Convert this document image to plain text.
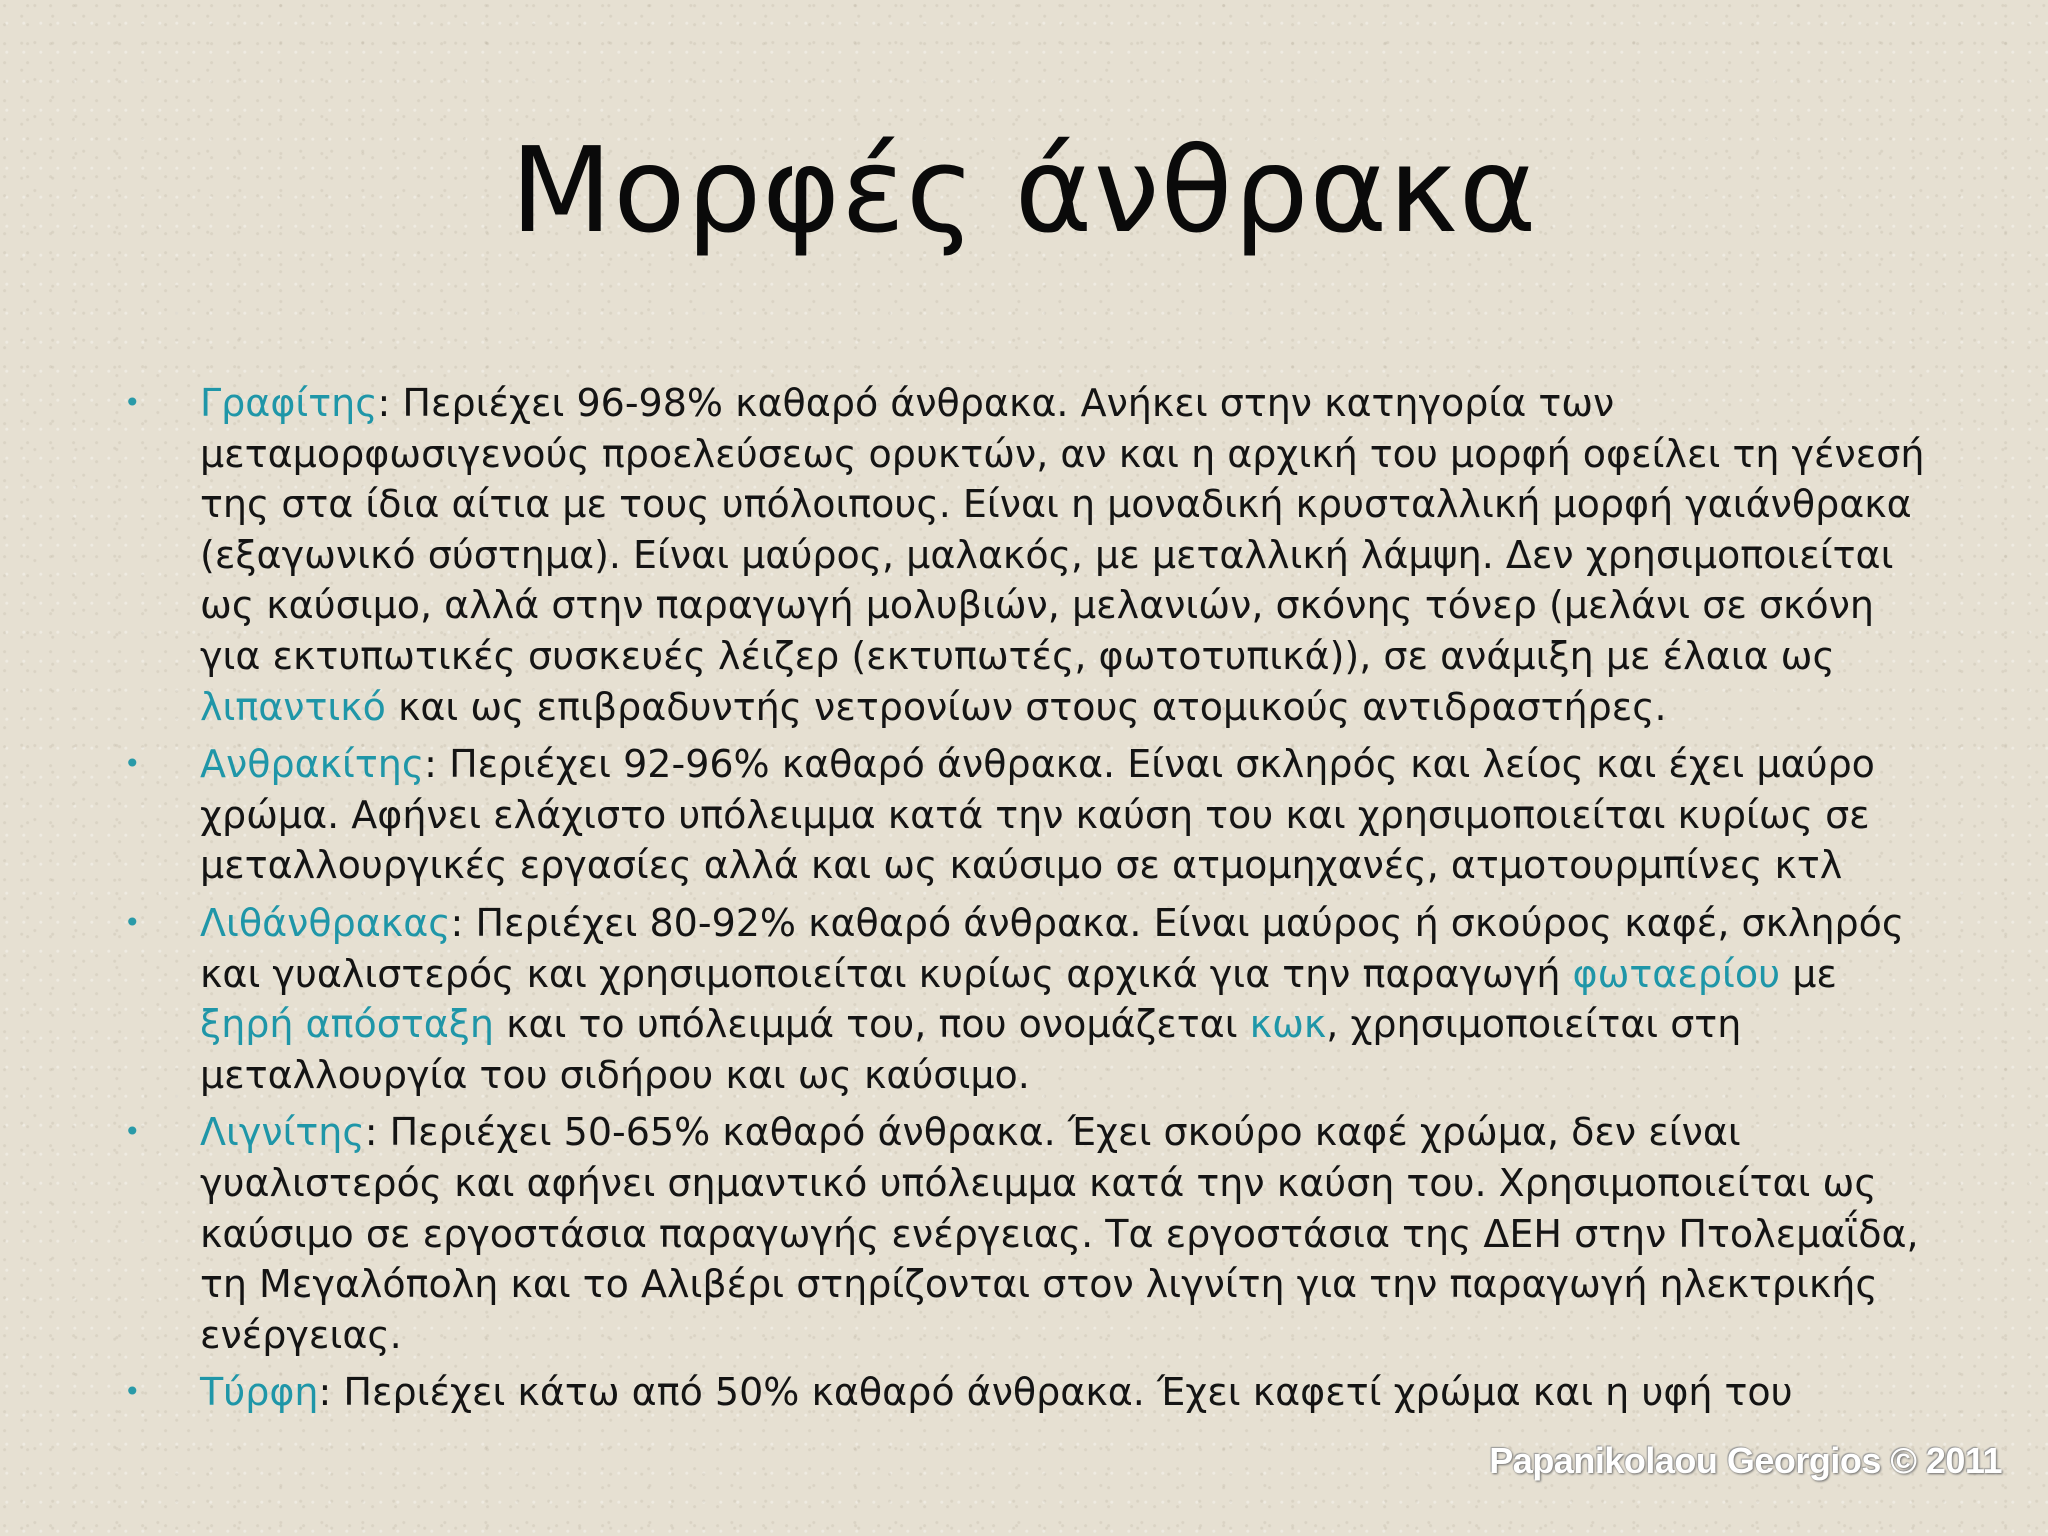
Μορφές άνθρακα
• Γραφίτης: Περιέχει 96-98% καθαρό άνθρακα. Ανήκει στην κατηγορία των μεταμορφωσιγενούς προελεύσεως ορυκτών, αν και η αρχική του μορφή οφείλει τη γένεσή της στα ίδια αίτια με τους υπόλοιπους. Είναι η μοναδική κρυσταλλική μορφή γαιάνθρακα (εξαγωνικό σύστημα). Είναι μαύρος, μαλακός, με μεταλλική λάμψη. Δεν χρησιμοποιείται ως καύσιμο, αλλά στην παραγωγή μολυβιών, μελανιών, σκόνης τόνερ (μελάνι σε σκόνη για εκτυπωτικές συσκευές λέιζερ (εκτυπωτές, φωτοτυπικά)), σε ανάμιξη με έλαια ως λιπαντικό και ως επιβραδυντής νετρονίων στους ατομικούς αντιδραστήρες.
• Ανθρακίτης: Περιέχει 92-96% καθαρό άνθρακα. Είναι σκληρός και λείος και έχει μαύρο χρώμα. Αφήνει ελάχιστο υπόλειμμα κατά την καύση του και χρησιμοποιείται κυρίως σε μεταλλουργικές εργασίες αλλά και ως καύσιμο σε ατμομηχανές, ατμοτουρμπίνες κτλ
• Λιθάνθρακας: Περιέχει 80-92% καθαρό άνθρακα. Είναι μαύρος ή σκούρος καφέ, σκληρός και γυαλιστερός και χρησιμοποιείται κυρίως αρχικά για την παραγωγή φωταερίου με ξηρή απόσταξη και το υπόλειμμά του, που ονομάζεται κωκ, χρησιμοποιείται στη μεταλλουργία του σιδήρου και ως καύσιμο.
• Λιγνίτης: Περιέχει 50-65% καθαρό άνθρακα. Έχει σκούρο καφέ χρώμα, δεν είναι γυαλιστερός και αφήνει σημαντικό υπόλειμμα κατά την καύση του. Χρησιμοποιείται ως καύσιμο σε εργοστάσια παραγωγής ενέργειας. Τα εργοστάσια της ΔΕΗ στην Πτολεμαΐδα, τη Μεγαλόπολη και το Αλιβέρι στηρίζονται στον λιγνίτη για την παραγωγή ηλεκτρικής ενέργειας.
• Τύρφη: Περιέχει κάτω από 50% καθαρό άνθρακα. Έχει καφετί χρώμα και η υφή του
Papanikolaou Georgios © 2011
